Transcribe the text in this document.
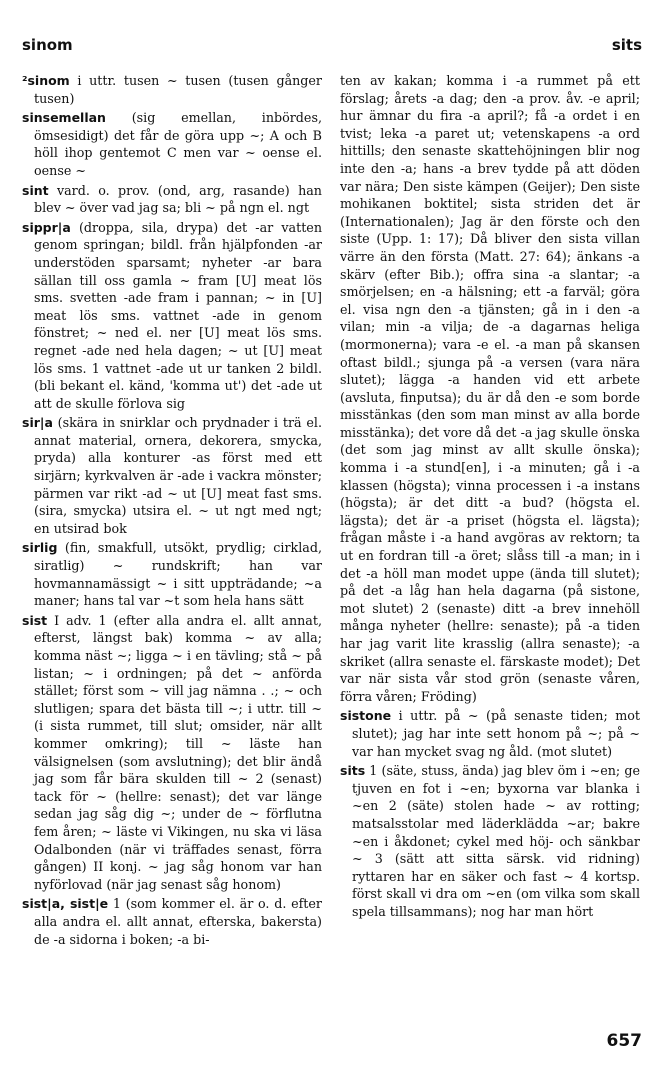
sinom	sits

²sinom i uttr. tusen ~ tusen (tusen gånger tusen)

sinsemellan (sig emellan, inbördes, ömsesidigt) det får de göra upp ~; A och B höll ihop gentemot C men var ~ oense el. oense ~

sint vard. o. prov. (ond, arg, rasande) han blev ~ över vad jag sa; bli ~ på ngn el. ngt

sippr|a (droppa, sila, drypa) det -ar vatten genom springan; bildl. från hjälpfonden -ar understöden sparsamt; nyheter -ar bara sällan till oss gamla ~ fram [U] meat lös sms. svetten -ade fram i pannan; ~ in [U] meat lös sms. vattnet -ade in genom fönstret; ~ ned el. ner [U] meat lös sms. regnet -ade ned hela dagen; ~ ut [U] meat lös sms. 1 vattnet -ade ut ur tanken 2 bildl. (bli bekant el. känd, 'komma ut') det -ade ut att de skulle förlova sig

sir|a (skära in snirklar och prydnader i trä el. annat material, ornera, dekorera, smycka, pryda) alla konturer -as först med ett sirjärn; kyrkvalven är -ade i vackra mönster; pärmen var rikt -ad ~ ut [U] meat fast sms. (sira, smycka) utsira el. ~ ut ngt med ngt; en utsirad bok

sirlig (fin, smakfull, utsökt, prydlig; cirklad, siratlig) ~ rundskrift; han var hovmannamässigt ~ i sitt uppträdande; ~a maner; hans tal var ~t som hela hans sätt

sist I adv. 1 (efter alla andra el. allt annat, efterst, längst bak) komma ~ av alla; komma näst ~; ligga ~ i en tävling; stå ~ på listan; ~ i ordningen; på det ~ anförda stället; först som ~ vill jag nämna . .; ~ och slutligen; spara det bästa till ~; i uttr. till ~ (i sista rummet, till slut; omsider, när allt kommer omkring); till ~ läste han välsignelsen (som avslutning); det blir ändå jag som får bära skulden till ~ 2 (senast) tack för ~ (hellre: senast); det var länge sedan jag såg dig ~; under de ~ förflutna fem åren; ~ läste vi Vikingen, nu ska vi läsa Odalbonden (när vi träffades senast, förra gången) II konj. ~ jag såg honom var han nyförlovad (när jag senast såg honom)

sist|a, sist|e 1 (som kommer el. är o. d. efter alla andra el. allt annat, efterska, bakersta) de -a sidorna i boken; -a bi-

ten av kakan; komma i -a rummet på ett förslag; årets -a dag; den -a prov. åv. -e april; hur ämnar du fira -a april?; få -a ordet i en tvist; leka -a paret ut; vetenskapens -a ord hittills; den senaste skattehöjningen blir nog inte den -a; hans -a brev tydde på att döden var nära; Den siste kämpen (Geijer); Den siste mohikanen boktitel; sista striden det är (Internationalen); Jag är den förste och den siste (Upp. 1: 17); Då bliver den sista villan värre än den första (Matt. 27: 64); änkans -a skärv (efter Bib.); offra sina -a slantar; -a smörjelsen; en -a hälsning; ett -a farväl; göra el. visa ngn den -a tjänsten; gå in i den -a vilan; min -a vilja; de -a dagarnas heliga (mormonerna); vara -e el. -a man på skansen oftast bildl.; sjunga på -a versen (vara nära slutet); lägga -a handen vid ett arbete (avsluta, finputsa); du är då den -e som borde misstänkas (den som man minst av alla borde misstänka); det vore då det -a jag skulle önska (det som jag minst av allt skulle önska); komma i -a stund[en], i -a minuten; gå i -a klassen (högsta); vinna processen i -a instans (högsta); är det ditt -a bud? (högsta el. lägsta); det är -a priset (högsta el. lägsta); frågan måste i -a hand avgöras av rektorn; ta ut en fordran till -a öret; slåss till -a man; in i det -a höll man modet uppe (ända till slutet); på det -a låg han hela dagarna (på sistone, mot slutet) 2 (senaste) ditt -a brev innehöll många nyheter (hellre: senaste); på -a tiden har jag varit lite krasslig (allra senaste); -a skriket (allra senaste el. färskaste modet); Det var när sista vår stod grön (senaste våren, förra våren; Fröding)

sistone i uttr. på ~ (på senaste tiden; mot slutet); jag har inte sett honom på ~; på ~ var han mycket svag ng åld. (mot slutet)

sits 1 (säte, stuss, ända) jag blev öm i ~en; ge tjuven en fot i ~en; byxorna var blanka i ~en 2 (säte) stolen hade ~ av rotting; matsalsstolar med läderklädda ~ar; bakre ~en i åkdonet; cykel med höj- och sänkbar ~ 3 (sätt att sitta särsk. vid ridning) ryttaren har en säker och fast ~ 4 kortsp. först skall vi dra om ~en (om vilka som skall spela tillsammans); nog har man hört

657
